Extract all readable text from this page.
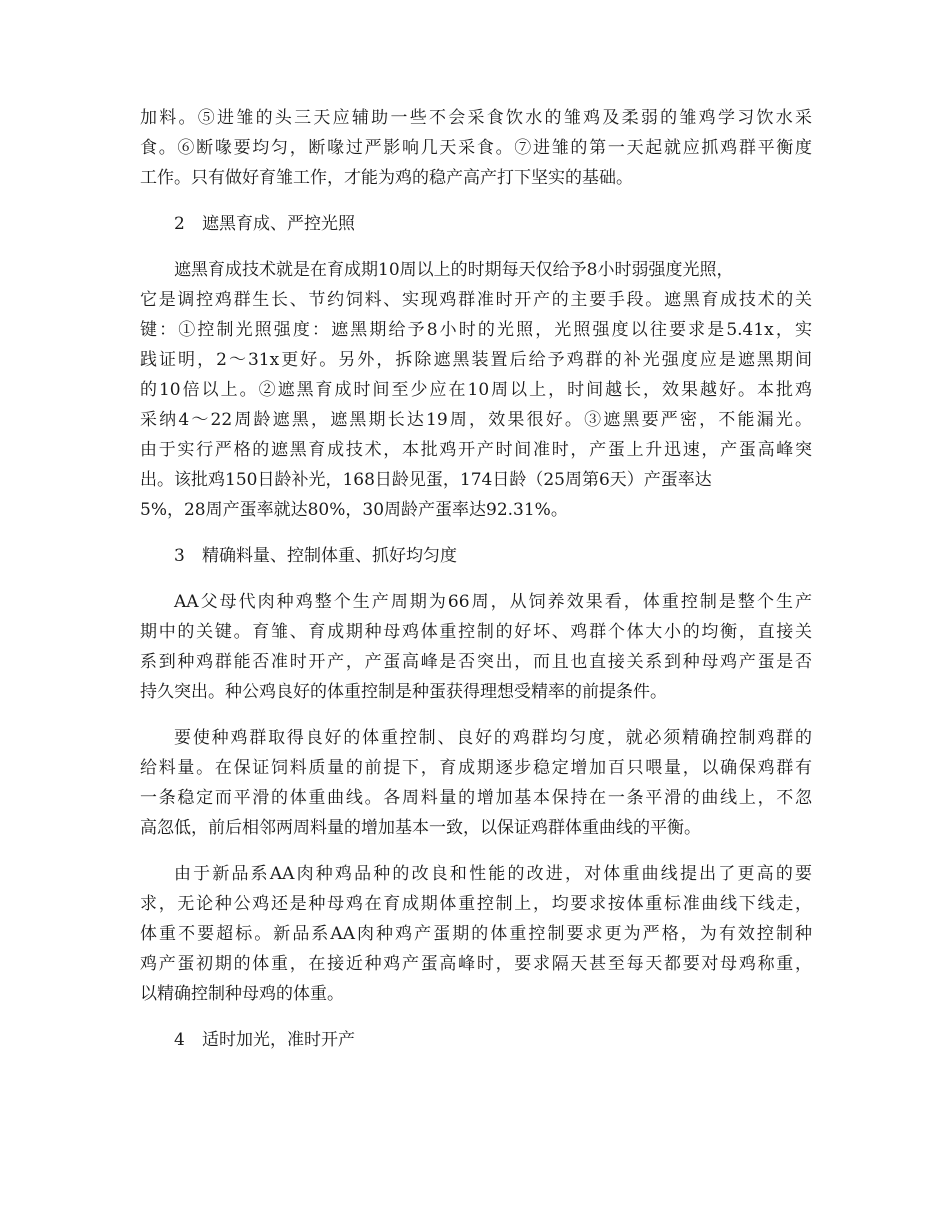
加料。⑤进雏的头三天应辅助一些不会采食饮水的雏鸡及柔弱的雏鸡学习饮水采
食。⑥断喙要均匀，断喙过严影响几天采食。⑦进雏的第一天起就应抓鸡群平衡度
工作。只有做好育雏工作，才能为鸡的稳产高产打下坚实的基础。
2 遮黑育成、严控光照
遮黑育成技术就是在育成期10周以上的时期每天仅给予8小时弱强度光照，
它是调控鸡群生长、节约饲料、实现鸡群准时开产的主要手段。遮黑育成技术的关
键：①控制光照强度：遮黑期给予8小时的光照，光照强度以往要求是5.41x，实
践证明，2～31x更好。另外，拆除遮黑装置后给予鸡群的补光强度应是遮黑期间
的10倍以上。②遮黑育成时间至少应在10周以上，时间越长，效果越好。本批鸡
采纳4～22周龄遮黑，遮黑期长达19周，效果很好。③遮黑要严密，不能漏光。
由于实行严格的遮黑育成技术，本批鸡开产时间准时，产蛋上升迅速，产蛋高峰突
出。该批鸡150日龄补光，168日龄见蛋，174日龄（25周第6天）产蛋率达
5%，28周产蛋率就达80%，30周龄产蛋率达92.31%。
3 精确料量、控制体重、抓好均匀度
AA父母代肉种鸡整个生产周期为66周，从饲养效果看，体重控制是整个生产
期中的关键。育雏、育成期种母鸡体重控制的好坏、鸡群个体大小的均衡，直接关
系到种鸡群能否准时开产，产蛋高峰是否突出，而且也直接关系到种母鸡产蛋是否
持久突出。种公鸡良好的体重控制是种蛋获得理想受精率的前提条件。
要使种鸡群取得良好的体重控制、良好的鸡群均匀度，就必须精确控制鸡群的
给料量。在保证饲料质量的前提下，育成期逐步稳定增加百只喂量，以确保鸡群有
一条稳定而平滑的体重曲线。各周料量的增加基本保持在一条平滑的曲线上，不忽
高忽低，前后相邻两周料量的增加基本一致，以保证鸡群体重曲线的平衡。
由于新品系AA肉种鸡品种的改良和性能的改进，对体重曲线提出了更高的要
求，无论种公鸡还是种母鸡在育成期体重控制上，均要求按体重标准曲线下线走，
体重不要超标。新品系AA肉种鸡产蛋期的体重控制要求更为严格，为有效控制种
鸡产蛋初期的体重，在接近种鸡产蛋高峰时，要求隔天甚至每天都要对母鸡称重，
以精确控制种母鸡的体重。
4 适时加光，准时开产
